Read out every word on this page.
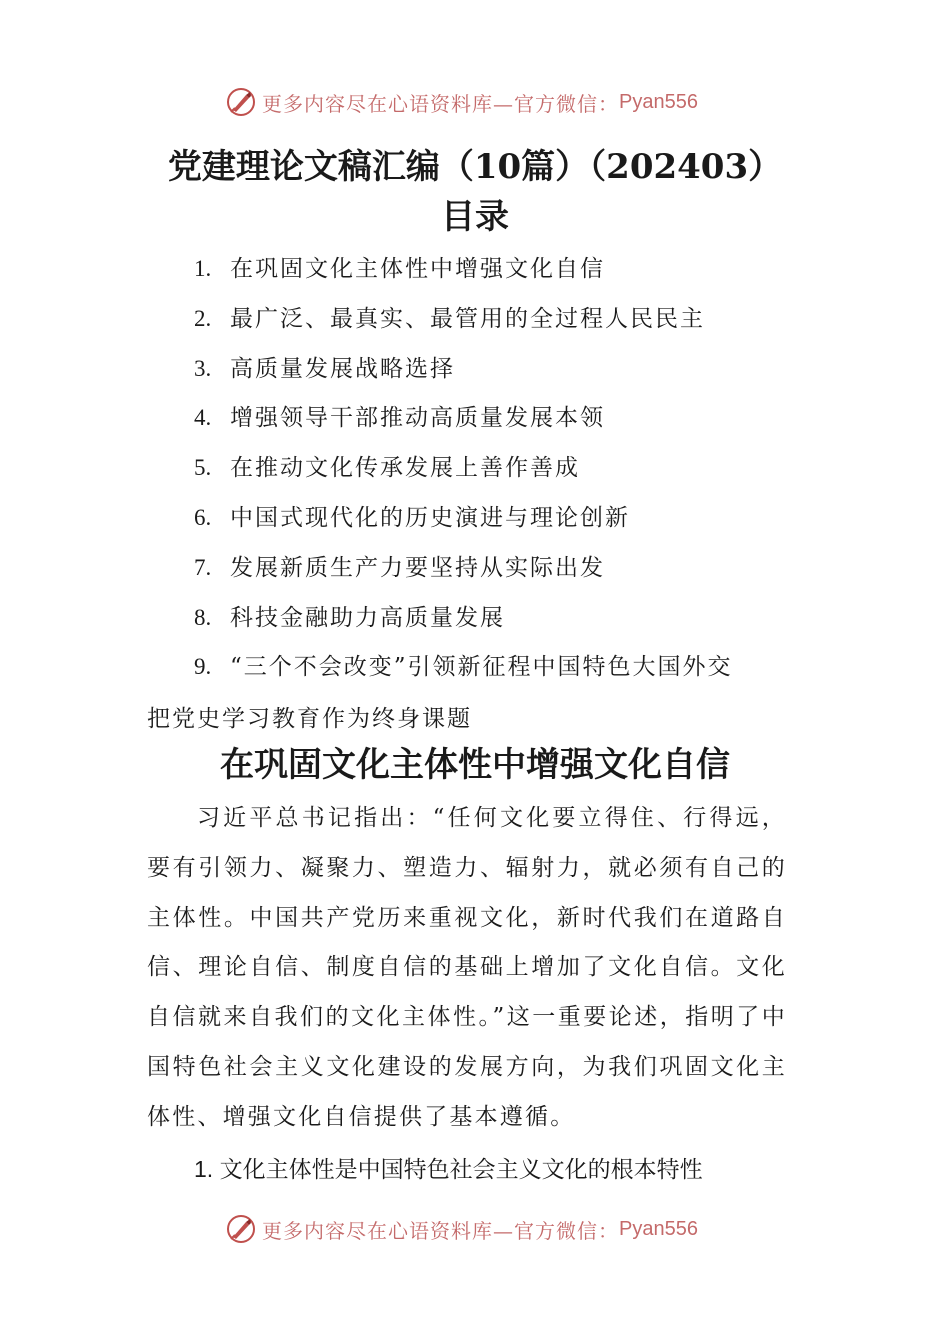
更多内容尽在心语资料库—官方微信： Pyan556
党建理论文稿汇编（10篇）（202403）
目录
1. 在巩固文化主体性中增强文化自信
2. 最广泛、最真实、最管用的全过程人民民主
3. 高质量发展战略选择
4. 增强领导干部推动高质量发展本领
5. 在推动文化传承发展上善作善成
6. 中国式现代化的历史演进与理论创新
7. 发展新质生产力要坚持从实际出发
8. 科技金融助力高质量发展
9. “三个不会改变”引领新征程中国特色大国外交
把党史学习教育作为终身课题
在巩固文化主体性中增强文化自信
习近平总书记指出：“任何文化要立得住、行得远，要有引领力、凝聚力、塑造力、辐射力，就必须有自己的主体性。中国共产党历来重视文化，新时代我们在道路自信、理论自信、制度自信的基础上增加了文化自信。文化自信就来自我们的文化主体性。”这一重要论述，指明了中国特色社会主义文化建设的发展方向，为我们巩固文化主体性、增强文化自信提供了基本遵循。
1. 文化主体性是中国特色社会主义文化的根本特性
更多内容尽在心语资料库—官方微信： Pyan556
